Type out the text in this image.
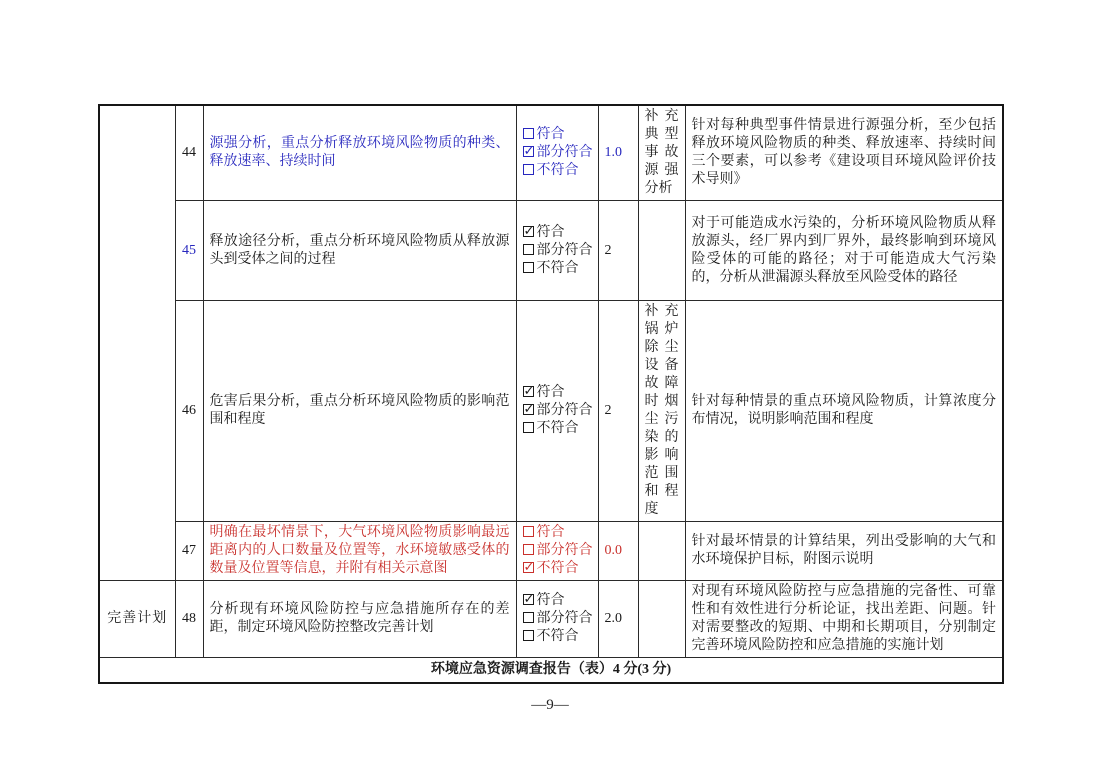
	44	源强分析，重点分析释放环境风险物质的种类、释放速率、持续时间	符合
✓部分符合
不符合	1.0	补充典型事故源强分析	针对每种典型事件情景进行源强分析，至少包括释放环境风险物质的种类、释放速率、持续时间三个要素，可以参考《建设项目环境风险评价技术导则》
	45	释放途径分析，重点分析环境风险物质从释放源头到受体之间的过程	
✓符合
部分符合
不符合	2		对于可能造成水污染的，分析环境风险物质从释放源头，经厂界内到厂界外，最终影响到环境风险受体的可能的路径；对于可能造成大气污染的，分析从泄漏源头释放至风险受体的路径
	46	危害后果分析，重点分析环境风险物质的影响范围和程度	
✓符合
✓部分符合
不符合	2	补充锅炉除尘设备故障时烟尘污染的影响范围和程度	针对每种情景的重点环境风险物质，计算浓度分布情况，说明影响范围和程度
	47	明确在最坏情景下，大气环境风险物质影响最远距离内的人口数量及位置等，水环境敏感受体的数量及位置等信息，并附有相关示意图	符合
部分符合
✓不符合	0.0		针对最坏情景的计算结果，列出受影响的大气和水环境保护目标，附图示说明
完善计划	48	分析现有环境风险防控与应急措施所存在的差距，制定环境风险防控整改完善计划	
✓符合
部分符合
不符合	2.0		对现有环境风险防控与应急措施的完备性、可靠性和有效性进行分析论证，找出差距、问题。针对需要整改的短期、中期和长期项目，分别制定完善环境风险防控和应急措施的实施计划
环境应急资源调查报告（表）4 分(3 分)						
—9—
